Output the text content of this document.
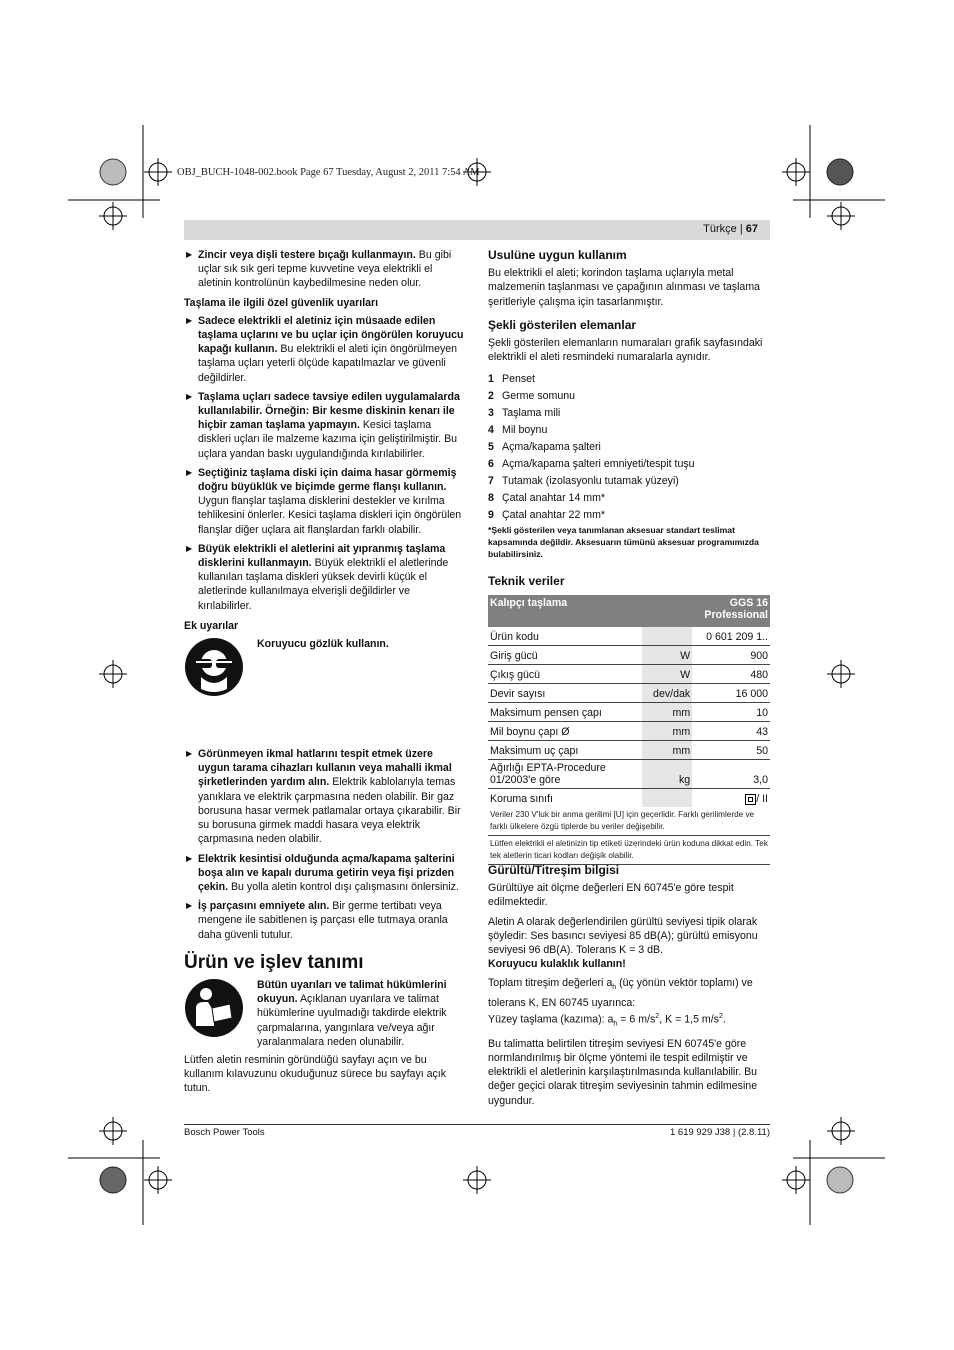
OBJ_BUCH-1048-002.book Page 67 Tuesday, August 2, 2011 7:54 AM
Türkçe | 67
▶ Zincir veya dişli testere bıçağı kullanmayın. Bu gibi uçlar sık sık geri tepme kuvvetine veya elektrikli el aletinin kontrolünün kaybedilmesine neden olur.
Taşlama ile ilgili özel güvenlik uyarıları
▶ Sadece elektrikli el aletiniz için müsaade edilen taşlama uçlarını ve bu uçlar için öngörülen koruyucu kapağı kullanın. Bu elektrikli el aleti için öngörülmeyen taşlama uçları yeterli ölçüde kapatılmazlar ve güvenli değildirler.
▶ Taşlama uçları sadece tavsiye edilen uygulamalarda kullanılabilir. Örneğin: Bir kesme diskinin kenarı ile hiçbir zaman taşlama yapmayın. Kesici taşlama diskleri uçları ile malzeme kazıma için geliştirilmiştir. Bu uçlara yandan baskı uygulandığında kırılabilirler.
▶ Seçtiğiniz taşlama diski için daima hasar görmemiş doğru büyüklük ve biçimde germe flanşı kullanın. Uygun flanşlar taşlama disklerini destekler ve kırılma tehlikesini önlerler. Kesici taşlama diskleri için öngörülen flanşlar diğer uçlara ait flanşlardan farklı olabilir.
▶ Büyük elektrikli el aletlerini ait yıpranmış taşlama disklerini kullanmayın. Büyük elektrikli el aletlerinde kullanılan taşlama diskleri yüksek devirli küçük el aletlerinde kullanılmaya elverişli değildirler ve kırılabilirler.
Ek uyarılar
Koruyucu gözlük kullanın.
▶ Görünmeyen ikmal hatlarını tespit etmek üzere uygun tarama cihazları kullanın veya mahalli ikmal şirketlerinden yardım alın. Elektrik kablolarıyla temas yanıklara ve elektrik çarpmasına neden olabilir. Bir gaz borusuna hasar vermek patlamalar ortaya çıkarabilir. Bir su borusuna girmek maddi hasara veya elektrik çarpmasına neden olabilir.
▶ Elektrik kesintisi olduğunda açma/kapama şalterini boşa alın ve kapalı duruma getirin veya fişi prizden çekin. Bu yolla aletin kontrol dışı çalışmasını önlersiniz.
▶ İş parçasını emniyete alın. Bir germe tertibatı veya mengene ile sabitlenen iş parçası elle tutmaya oranla daha güvenli tutulur.
Ürün ve işlev tanımı
Bütün uyarıları ve talimat hükümlerini okuyun. Açıklanan uyarılara ve talimat hükümlerine uyulmadığı takdirde elektrik çarpmalarına, yangınlara ve/veya ağır yaralanmalara neden olunabilir.

Lütfen aletin resminin göründüğü sayfayı açın ve bu kullanım kılavuzunu okuduğunuz sürece bu sayfayı açık tutun.

Usulüne uygun kullanım

Bu elektrikli el aleti; korindon taşlama uçlarıyla metal malzemenin taşlanması ve çapağının alınması ve taşlama şeritleriyle çalışma için tasarlanmıştır.

Şekli gösterilen elemanlar

Şekli gösterilen elemanların numaraları grafik sayfasındaki elektrikli el aleti resmindeki numaralarla aynıdır.

1 Penset
2 Germe somunu
3 Taşlama mili
4 Mil boynu
5 Açma/kapama şalteri
6 Açma/kapama şalteri emniyeti/tespit tuşu
7 Tutamak (izolasyonlu tutamak yüzeyi)
8 Çatal anahtar 14 mm*
9 Çatal anahtar 22 mm*
*Şekli gösterilen veya tanımlanan aksesuar standart teslimat kapsamında değildir. Aksesuarın tümünü aksesuar programımızda bulabilirsiniz.
Teknik veriler
Kalıpçı taşlama		GGS 16
Professional
Ürün kodu		0 601 209 1..
Giriş gücü	W	900
Çıkış gücü	W	480
Devir sayısı	dev/dak	16 000
Maksimum pensen çapı	mm	10
Mil boynu çapı Ø	mm	43
Maksimum uç çapı	mm	50
Ağırlığı EPTA-Procedure
01/2003'e göre	kg	3,0
Koruma sınıfı		/ II
Veriler 230 V'luk bir anma gerilimi [U] için geçerlidir. Farklı gerilimlerde ve farklı ülkelere özgü tiplerde bu veriler değişebilir.
Lütfen elektrikli el aletinizin tip etiketi üzerindeki ürün koduna dikkat edin. Tek tek aletlerin ticari kodları değişik olabilir.
Gürültü/Titreşim bilgisi

Gürültüye ait ölçme değerleri EN 60745'e göre tespit edilmektedir.

Aletin A olarak değerlendirilen gürültü seviyesi tipik olarak şöyledir: Ses basıncı seviyesi 85 dB(A); gürültü emisyonu seviyesi 96 dB(A). Tolerans K = 3 dB.
Koruyucu kulaklık kullanın!

Toplam titreşim değerleri $a_h$ (üç yönün vektör toplamı) ve tolerans K, EN 60745 uyarınca:
Yüzey taşlama (kazıma): $a_h = 6$ $m/s^2$, K = 1,5 $m/s^2$.

Bu talimatta belirtilen titreşim seviyesi EN 60745'e göre normlandırılmış bir ölçme yöntemi ile tespit edilmiştir ve elektrikli el aletlerinin karşılaştırılmasında kullanılabilir. Bu değer geçici olarak titreşim seviyesinin tahmin edilmesine uygundur.

Bosch Power Tools	1 619 929 J38 | (2.8.11)
